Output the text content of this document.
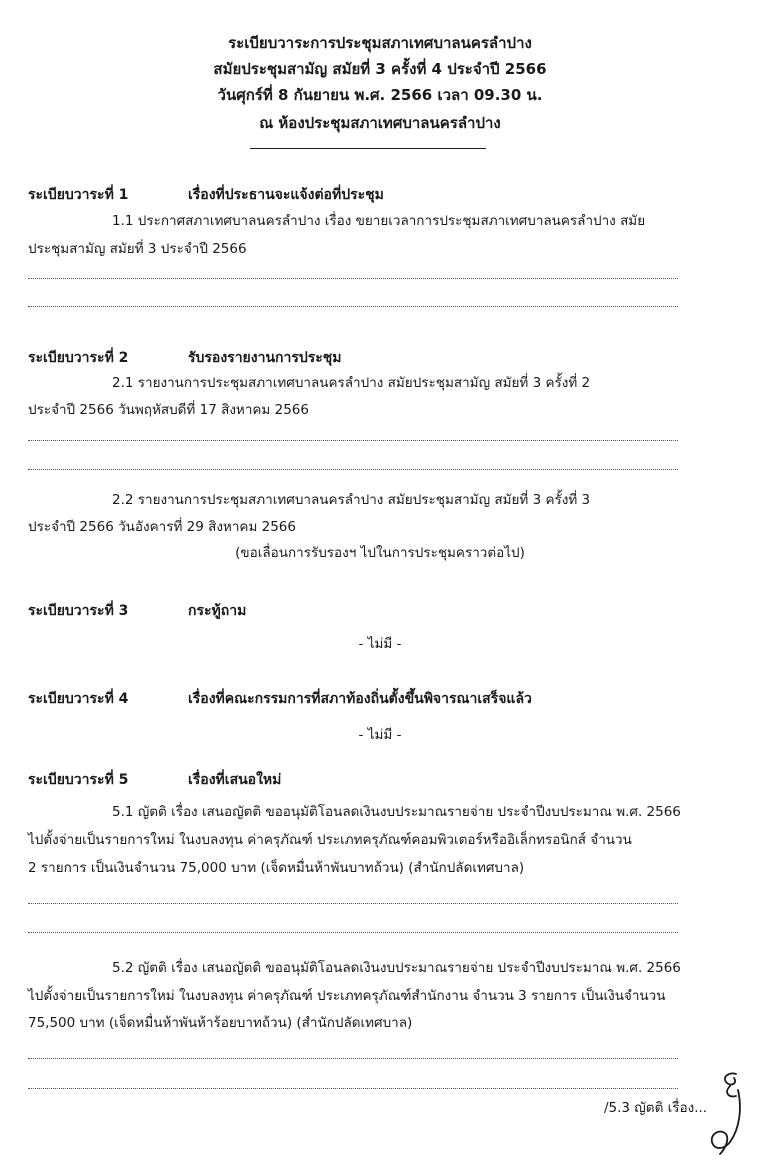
ระเบียบวาระการประชุมสภาเทศบาลนครลำปาง
สมัยประชุมสามัญ สมัยที่ 3 ครั้งที่ 4 ประจำปี 2566
วันศุกร์ที่ 8 กันยายน พ.ศ. 2566 เวลา 09.30 น.
ณ ห้องประชุมสภาเทศบาลนครลำปาง
ระเบียบวาระที่ 1	เรื่องที่ประธานจะแจ้งต่อที่ประชุม
1.1 ประกาศสภาเทศบาลนครลำปาง เรื่อง ขยายเวลาการประชุมสภาเทศบาลนครลำปาง สมัย
ประชุมสามัญ สมัยที่ 3 ประจำปี 2566
ระเบียบวาระที่ 2	รับรองรายงานการประชุม
2.1 รายงานการประชุมสภาเทศบาลนครลำปาง สมัยประชุมสามัญ สมัยที่ 3 ครั้งที่ 2
ประจำปี 2566 วันพฤหัสบดีที่ 17 สิงหาคม 2566
2.2 รายงานการประชุมสภาเทศบาลนครลำปาง สมัยประชุมสามัญ สมัยที่ 3 ครั้งที่ 3
ประจำปี 2566 วันอังคารที่ 29 สิงหาคม 2566
(ขอเลื่อนการรับรองฯ ไปในการประชุมคราวต่อไป)
ระเบียบวาระที่ 3	กระทู้ถาม
- ไม่มี -
ระเบียบวาระที่ 4	เรื่องที่คณะกรรมการที่สภาท้องถิ่นตั้งขึ้นพิจารณาเสร็จแล้ว
- ไม่มี -
ระเบียบวาระที่ 5	เรื่องที่เสนอใหม่
5.1 ญัตติ เรื่อง เสนอญัตติ ขออนุมัติโอนลดเงินงบประมาณรายจ่าย ประจำปีงบประมาณ พ.ศ. 2566
ไปตั้งจ่ายเป็นรายการใหม่ ในงบลงทุน ค่าครุภัณฑ์ ประเภทครุภัณฑ์คอมพิวเตอร์หรืออิเล็กทรอนิกส์ จำนวน
2 รายการ เป็นเงินจำนวน 75,000 บาท (เจ็ดหมื่นห้าพันบาทถ้วน) (สำนักปลัดเทศบาล)
5.2 ญัตติ เรื่อง เสนอญัตติ ขออนุมัติโอนลดเงินงบประมาณรายจ่าย ประจำปีงบประมาณ พ.ศ. 2566
ไปตั้งจ่ายเป็นรายการใหม่ ในงบลงทุน ค่าครุภัณฑ์ ประเภทครุภัณฑ์สำนักงาน จำนวน 3 รายการ เป็นเงินจำนวน
75,500 บาท (เจ็ดหมื่นห้าพันห้าร้อยบาทถ้วน) (สำนักปลัดเทศบาล)
/5.3 ญัตติ เรื่อง...
